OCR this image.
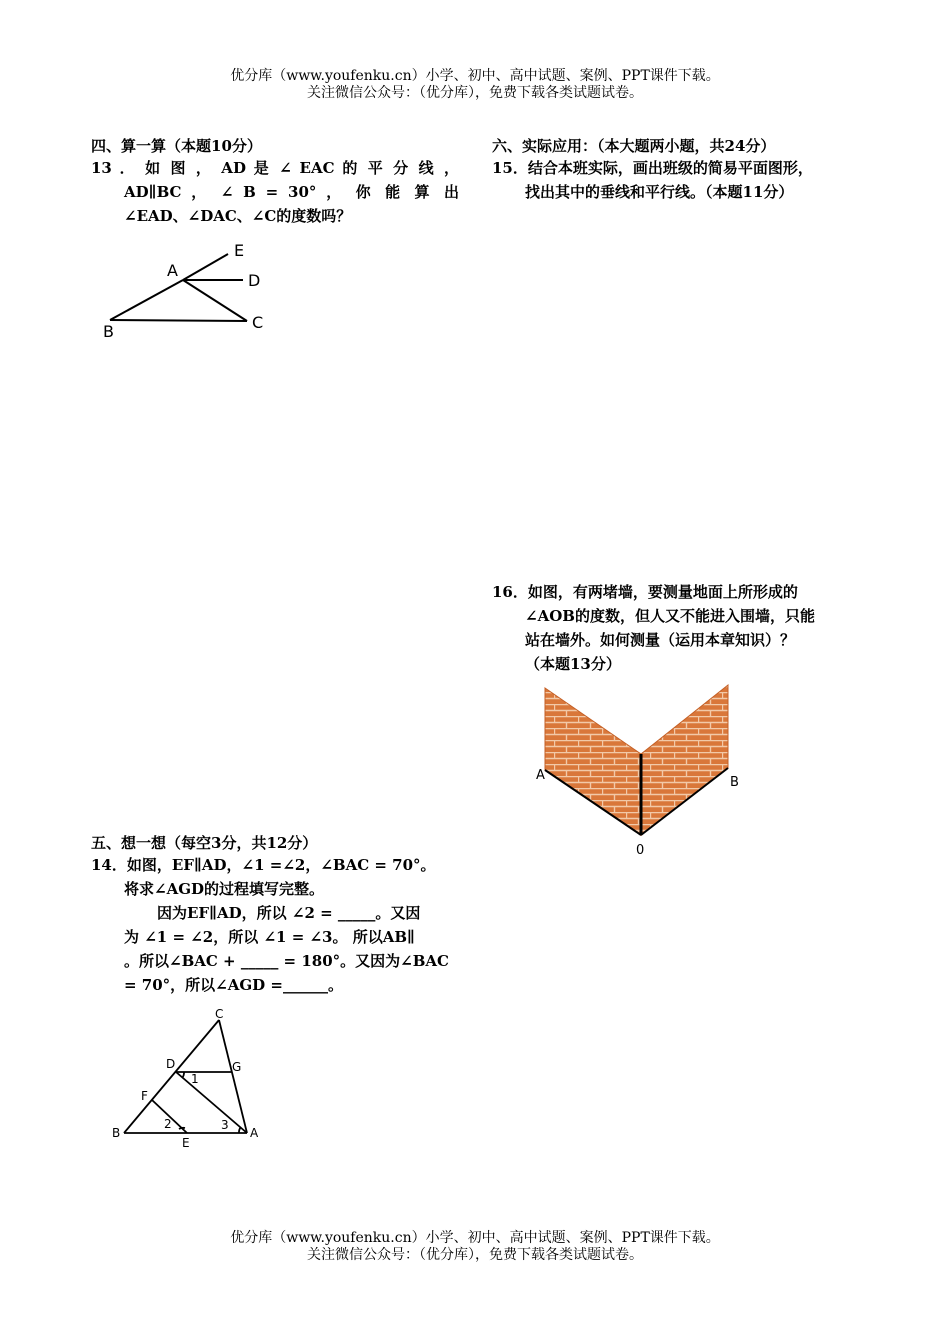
优分库（www.youfenku.cn）小学、初中、高中试题、案例、PPT课件下载。
关注微信公众号：（优分库），免费下载各类试题试卷。
四、算一算（本题10分）
13 ． 如 图 ， AD 是 ∠ EAC 的 平 分 线 ，
AD∥BC ， ∠ B = 30° ， 你 能 算 出
∠EAD、∠DAC、∠C的度数吗？
A
B	C
D
E
五、想一想（每空3分，共12分）
14．如图，EF∥AD，∠1 =∠2，∠BAC = 70°。
将求∠AGD的过程填写完整。
因为EF∥AD，所以 ∠2 = _____。又因
为 ∠1 = ∠2，所以 ∠1 = ∠3。 所以AB∥
。所以∠BAC + _____ = 180°。又因为∠BAC
= 70°，所以∠AGD =______。
C
D	G
F
B
E
A
1
2	3
六、实际应用：（本大题两小题，共24分）
15．结合本班实际，画出班级的简易平面图形，
找出其中的垂线和平行线。（本题11分）
16．如图，有两堵墙，要测量地面上所形成的
∠AOB的度数，但人又不能进入围墙，只能
站在墙外。如何测量（运用本章知识）？
（本题13分）
A	B
0
优分库（www.youfenku.cn）小学、初中、高中试题、案例、PPT课件下载。
关注微信公众号：（优分库），免费下载各类试题试卷。
